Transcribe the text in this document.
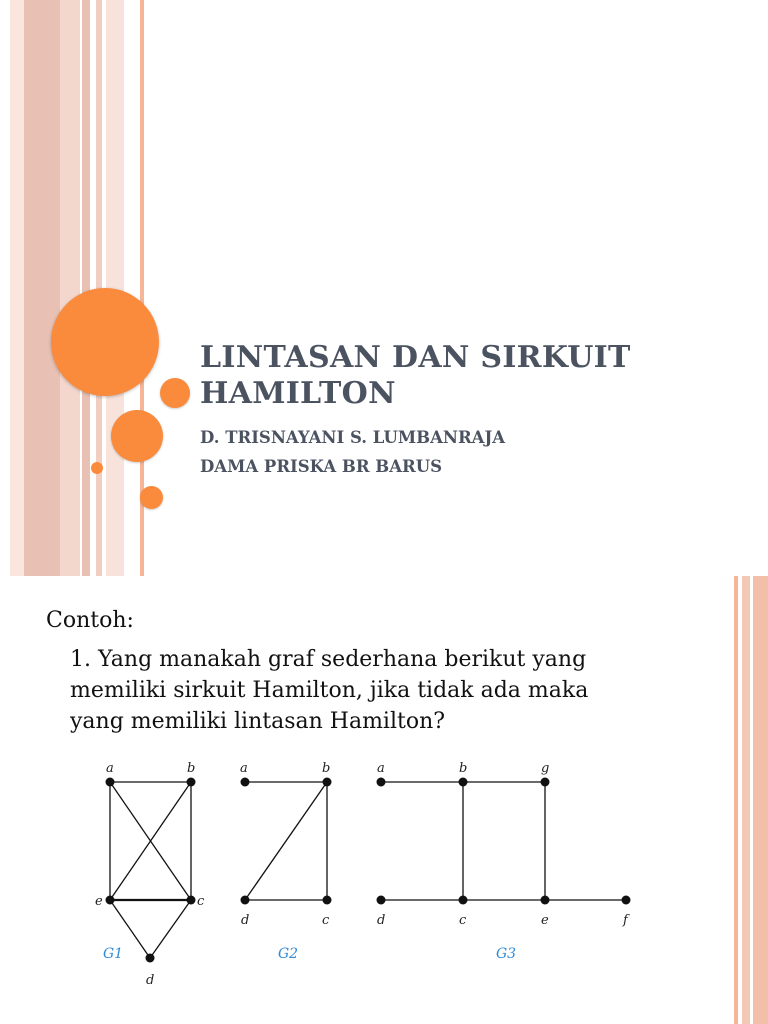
LINTASAN DAN SIRKUIT
HAMILTON
D. TRISNAYANI S. LUMBANRAJA
DAMA PRISKA BR BARUS
Contoh:
1. Yang manakah graf sederhana berikut yang
memiliki sirkuit Hamilton, jika tidak ada maka
yang memiliki lintasan Hamilton?
a	b
e	c
d
G1
a	b
d	c
G2
a	b	g
d	c	e	f
G3
